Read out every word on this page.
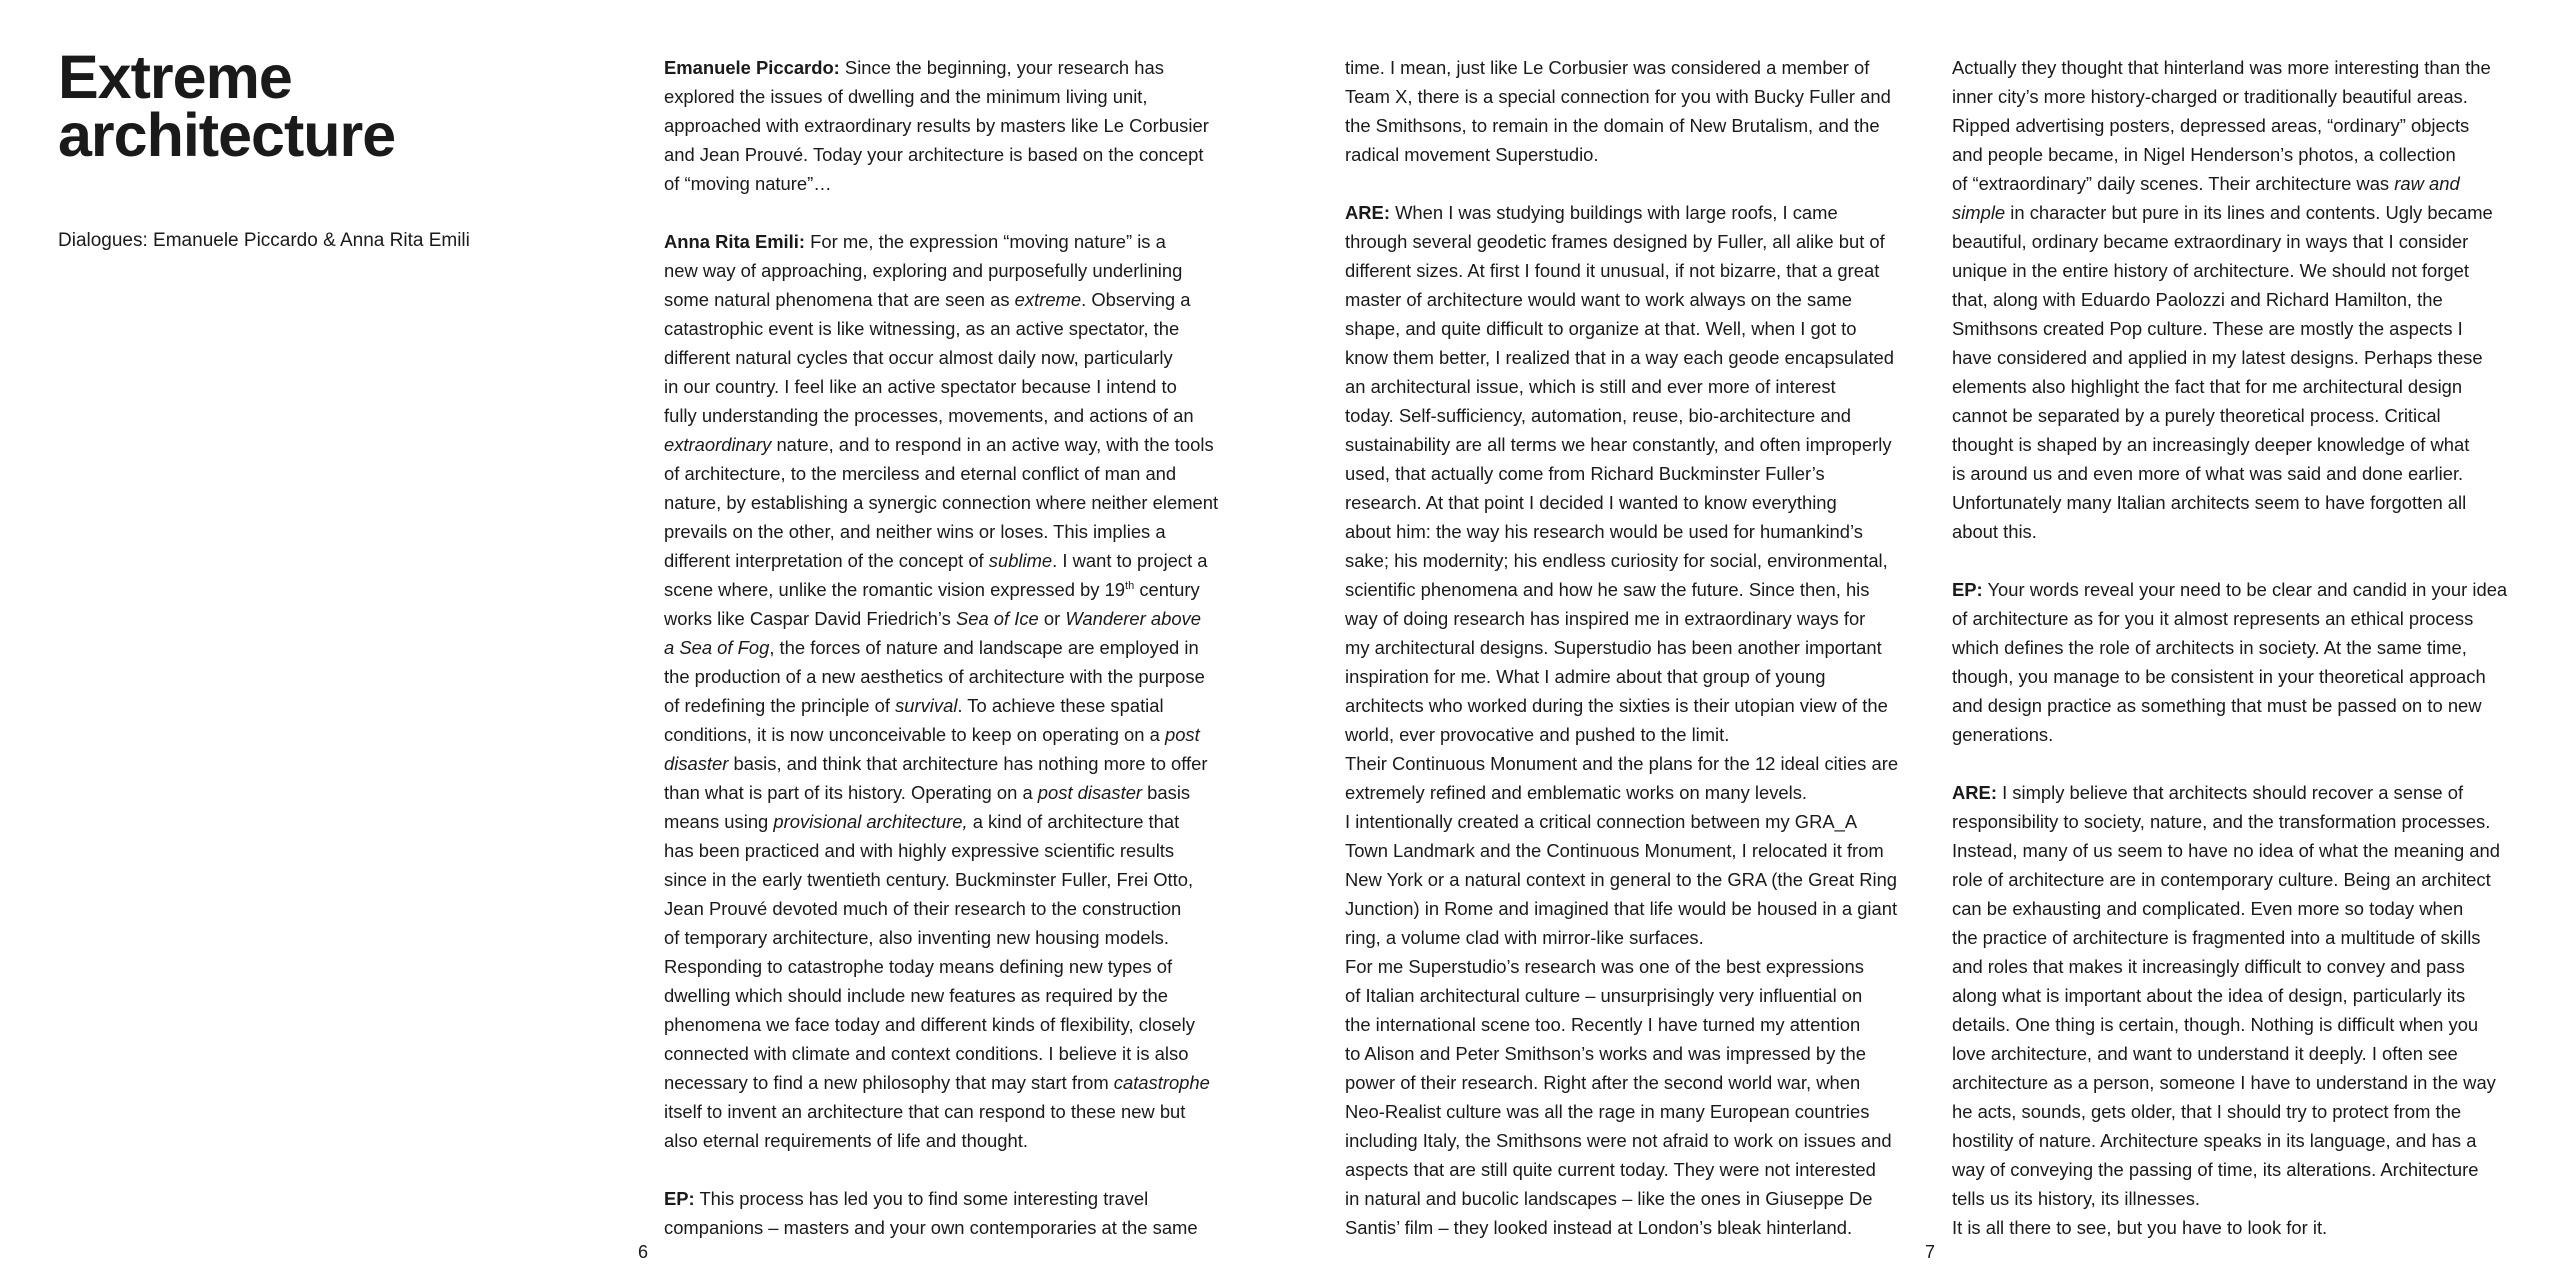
Extreme architecture

Dialogues: Emanuele Piccardo & Anna Rita Emili

Emanuele Piccardo: Since the beginning, your research has
explored the issues of dwelling and the minimum living unit,
approached with extraordinary results by masters like Le Corbusier
and Jean Prouvé. Today your architecture is based on the concept
of “moving nature”…

Anna Rita Emili: For me, the expression “moving nature” is a
new way of approaching, exploring and purposefully underlining
some natural phenomena that are seen as extreme. Observing a
catastrophic event is like witnessing, as an active spectator, the
different natural cycles that occur almost daily now, particularly
in our country. I feel like an active spectator because I intend to
fully understanding the processes, movements, and actions of an
extraordinary nature, and to respond in an active way, with the tools
of architecture, to the merciless and eternal conflict of man and
nature, by establishing a synergic connection where neither element
prevails on the other, and neither wins or loses. This implies a
different interpretation of the concept of sublime. I want to project a
scene where, unlike the romantic vision expressed by 19th century
works like Caspar David Friedrich’s Sea of Ice or Wanderer above
a Sea of Fog, the forces of nature and landscape are employed in
the production of a new aesthetics of architecture with the purpose
of redefining the principle of survival. To achieve these spatial
conditions, it is now unconceivable to keep on operating on a post
disaster basis, and think that architecture has nothing more to offer
than what is part of its history. Operating on a post disaster basis
means using provisional architecture, a kind of architecture that
has been practiced and with highly expressive scientific results
since in the early twentieth century. Buckminster Fuller, Frei Otto,
Jean Prouvé devoted much of their research to the construction
of temporary architecture, also inventing new housing models.
Responding to catastrophe today means defining new types of
dwelling which should include new features as required by the
phenomena we face today and different kinds of flexibility, closely
connected with climate and context conditions. I believe it is also
necessary to find a new philosophy that may start from catastrophe
itself to invent an architecture that can respond to these new but
also eternal requirements of life and thought.

EP: This process has led you to find some interesting travel
companions – masters and your own contemporaries at the same

time. I mean, just like Le Corbusier was considered a member of
Team X, there is a special connection for you with Bucky Fuller and
the Smithsons, to remain in the domain of New Brutalism, and the
radical movement Superstudio.

ARE: When I was studying buildings with large roofs, I came
through several geodetic frames designed by Fuller, all alike but of
different sizes. At first I found it unusual, if not bizarre, that a great
master of architecture would want to work always on the same
shape, and quite difficult to organize at that. Well, when I got to
know them better, I realized that in a way each geode encapsulated
an architectural issue, which is still and ever more of interest
today. Self-sufficiency, automation, reuse, bio-architecture and
sustainability are all terms we hear constantly, and often improperly
used, that actually come from Richard Buckminster Fuller’s
research. At that point I decided I wanted to know everything
about him: the way his research would be used for humankind’s
sake; his modernity; his endless curiosity for social, environmental,
scientific phenomena and how he saw the future. Since then, his
way of doing research has inspired me in extraordinary ways for
my architectural designs. Superstudio has been another important
inspiration for me. What I admire about that group of young
architects who worked during the sixties is their utopian view of the
world, ever provocative and pushed to the limit.
Their Continuous Monument and the plans for the 12 ideal cities are
extremely refined and emblematic works on many levels.
I intentionally created a critical connection between my GRA_A
Town Landmark and the Continuous Monument, I relocated it from
New York or a natural context in general to the GRA (the Great Ring
Junction) in Rome and imagined that life would be housed in a giant
ring, a volume clad with mirror-like surfaces.
For me Superstudio’s research was one of the best expressions
of Italian architectural culture – unsurprisingly very influential on
the international scene too. Recently I have turned my attention
to Alison and Peter Smithson’s works and was impressed by the
power of their research. Right after the second world war, when
Neo-Realist culture was all the rage in many European countries
including Italy, the Smithsons were not afraid to work on issues and
aspects that are still quite current today. They were not interested
in natural and bucolic landscapes – like the ones in Giuseppe De
Santis’ film – they looked instead at London’s bleak hinterland.

Actually they thought that hinterland was more interesting than the
inner city’s more history-charged or traditionally beautiful areas.
Ripped advertising posters, depressed areas, “ordinary” objects
and people became, in Nigel Henderson’s photos, a collection
of “extraordinary” daily scenes. Their architecture was raw and
simple in character but pure in its lines and contents. Ugly became
beautiful, ordinary became extraordinary in ways that I consider
unique in the entire history of architecture. We should not forget
that, along with Eduardo Paolozzi and Richard Hamilton, the
Smithsons created Pop culture. These are mostly the aspects I
have considered and applied in my latest designs. Perhaps these
elements also highlight the fact that for me architectural design
cannot be separated by a purely theoretical process. Critical
thought is shaped by an increasingly deeper knowledge of what
is around us and even more of what was said and done earlier.
Unfortunately many Italian architects seem to have forgotten all
about this.

EP: Your words reveal your need to be clear and candid in your idea
of architecture as for you it almost represents an ethical process
which defines the role of architects in society. At the same time,
though, you manage to be consistent in your theoretical approach
and design practice as something that must be passed on to new
generations.

ARE: I simply believe that architects should recover a sense of
responsibility to society, nature, and the transformation processes.
Instead, many of us seem to have no idea of what the meaning and
role of architecture are in contemporary culture. Being an architect
can be exhausting and complicated. Even more so today when
the practice of architecture is fragmented into a multitude of skills
and roles that makes it increasingly difficult to convey and pass
along what is important about the idea of design, particularly its
details. One thing is certain, though. Nothing is difficult when you
love architecture, and want to understand it deeply. I often see
architecture as a person, someone I have to understand in the way
he acts, sounds, gets older, that I should try to protect from the
hostility of nature. Architecture speaks in its language, and has a
way of conveying the passing of time, its alterations. Architecture
tells us its history, its illnesses.
It is all there to see, but you have to look for it.

6	7
